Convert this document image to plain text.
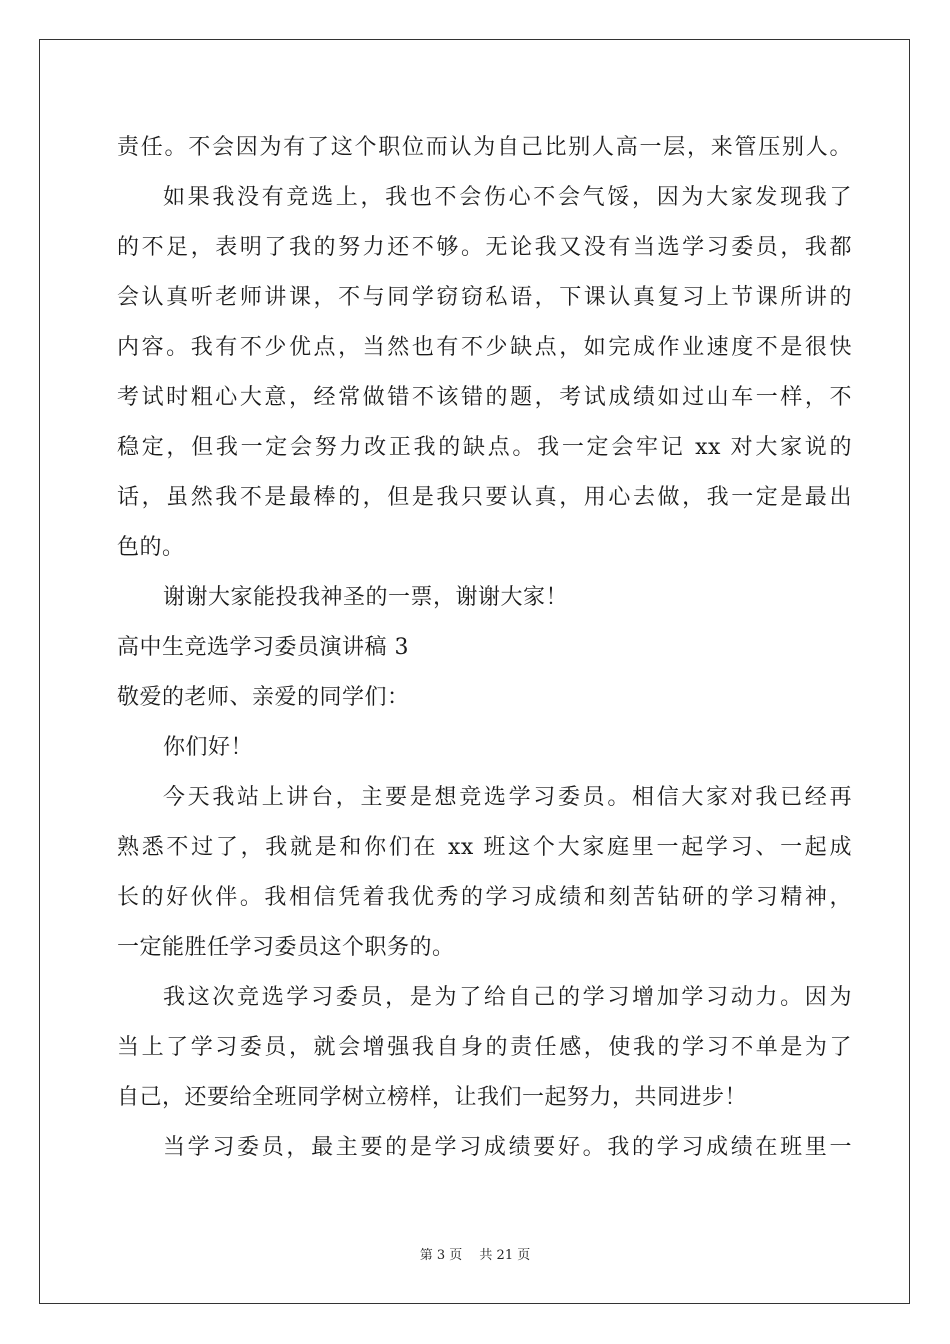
责任。不会因为有了这个职位而认为自己比别人高一层，来管压别人。
如果我没有竞选上，我也不会伤心不会气馁，因为大家发现我了
的不足，表明了我的努力还不够。无论我又没有当选学习委员，我都
会认真听老师讲课，不与同学窃窃私语，下课认真复习上节课所讲的
内容。我有不少优点，当然也有不少缺点，如完成作业速度不是很快
考试时粗心大意，经常做错不该错的题，考试成绩如过山车一样，不
稳定，但我一定会努力改正我的缺点。我一定会牢记 xx 对大家说的
话，虽然我不是最棒的，但是我只要认真，用心去做，我一定是最出
色的。
谢谢大家能投我神圣的一票，谢谢大家！
高中生竞选学习委员演讲稿 3
敬爱的老师、亲爱的同学们：
你们好！
今天我站上讲台，主要是想竞选学习委员。相信大家对我已经再
熟悉不过了，我就是和你们在 xx 班这个大家庭里一起学习、一起成
长的好伙伴。我相信凭着我优秀的学习成绩和刻苦钻研的学习精神，
一定能胜任学习委员这个职务的。
我这次竞选学习委员，是为了给自己的学习增加学习动力。因为
当上了学习委员，就会增强我自身的责任感，使我的学习不单是为了
自己，还要给全班同学树立榜样，让我们一起努力，共同进步！
当学习委员，最主要的是学习成绩要好。我的学习成绩在班里一
第 3 页　 共 21 页
